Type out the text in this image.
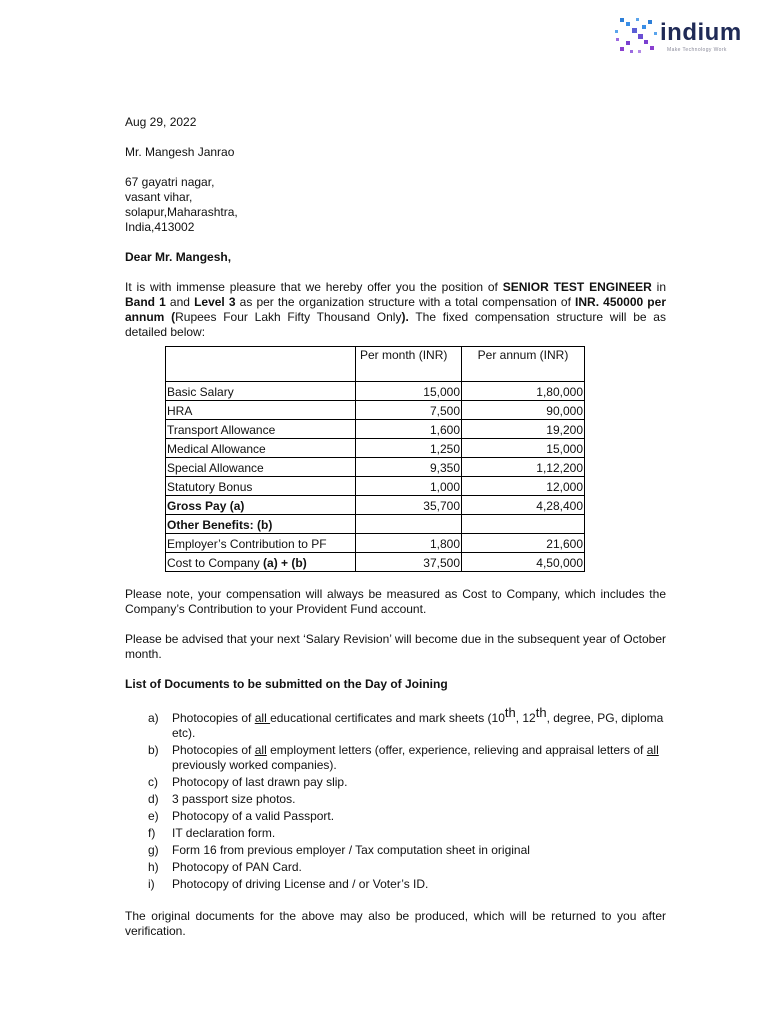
indium
Make Technology Work

Aug 29, 2022

Mr. Mangesh Janrao

67 gayatri nagar,

vasant vihar,

solapur,Maharashtra,

India,413002

Dear Mr. Mangesh,

It is with immense pleasure that we hereby offer you the position of SENIOR TEST ENGINEER in Band 1 and Level 3 as per the organization structure with a total compensation of INR. 450000 per annum (Rupees Four Lakh Fifty Thousand Only). The fixed compensation structure will be as detailed below:

	Per month (INR)	Per annum (INR)
Basic Salary	15,000	1,80,000
HRA	7,500	90,000
Transport Allowance	1,600	19,200
Medical Allowance	1,250	15,000
Special Allowance	9,350	1,12,200
Statutory Bonus	1,000	12,000
Gross Pay (a)	35,700	4,28,400
Other Benefits: (b)		
Employer’s Contribution to PF	1,800	21,600
Cost to Company (a) + (b)	37,500	4,50,000

Please note, your compensation will always be measured as Cost to Company, which includes the Company’s Contribution to your Provident Fund account.

Please be advised that your next ‘Salary Revision’ will become due in the subsequent year of October month.

List of Documents to be submitted on the Day of Joining

a) Photocopies of all educational certificates and mark sheets (10th, 12th, degree, PG, diploma etc).
b) Photocopies of all employment letters (offer, experience, relieving and appraisal letters of all previously worked companies).
c) Photocopy of last drawn pay slip.
d) 3 passport size photos.
e) Photocopy of a valid Passport.
f) IT declaration form.
g) Form 16 from previous employer / Tax computation sheet in original
h) Photocopy of PAN Card.
i) Photocopy of driving License and / or Voter’s ID.

The original documents for the above may also be produced, which will be returned to you after verification.
